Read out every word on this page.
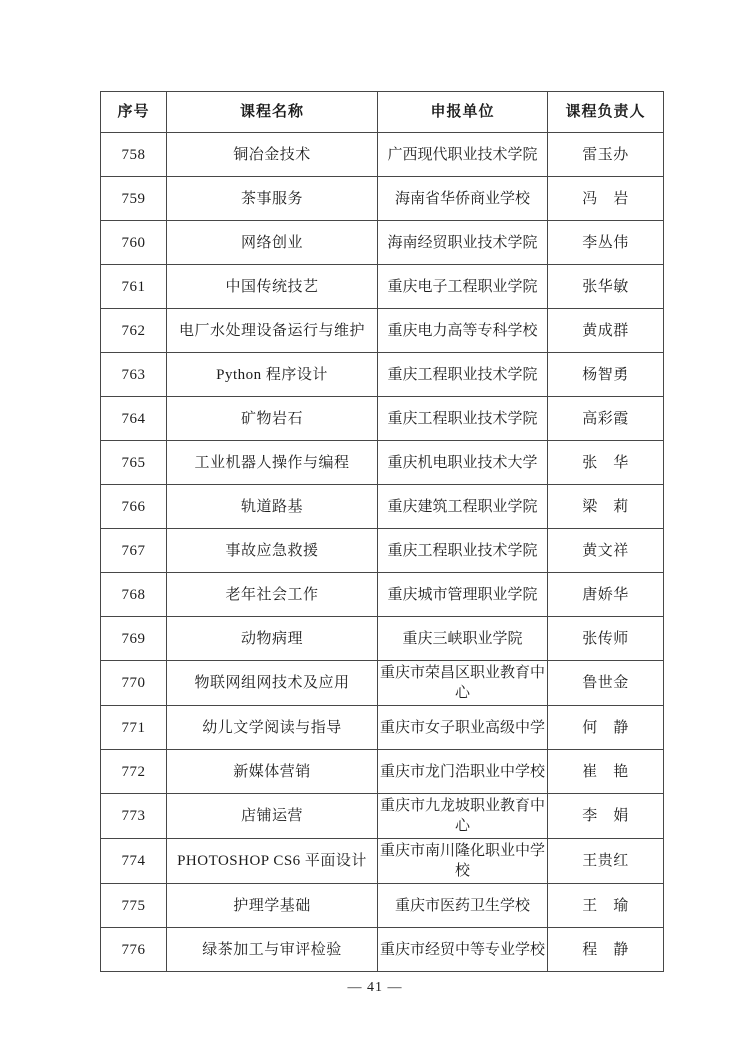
序号	课程名称	申报单位	课程负责人
758	铜冶金技术	广西现代职业技术学院	雷玉办
759	茶事服务	海南省华侨商业学校	冯　岩
760	网络创业	海南经贸职业技术学院	李丛伟
761	中国传统技艺	重庆电子工程职业学院	张华敏
762	电厂水处理设备运行与维护	重庆电力高等专科学校	黄成群
763	Python 程序设计	重庆工程职业技术学院	杨智勇
764	矿物岩石	重庆工程职业技术学院	高彩霞
765	工业机器人操作与编程	重庆机电职业技术大学	张　华
766	轨道路基	重庆建筑工程职业学院	梁　莉
767	事故应急救援	重庆工程职业技术学院	黄文祥
768	老年社会工作	重庆城市管理职业学院	唐娇华
769	动物病理	重庆三峡职业学院	张传师
770	物联网组网技术及应用	重庆市荣昌区职业教育中心	鲁世金
771	幼儿文学阅读与指导	重庆市女子职业高级中学	何　静
772	新媒体营销	重庆市龙门浩职业中学校	崔　艳
773	店铺运营	重庆市九龙坡职业教育中心	李　娟
774	PHOTOSHOP CS6 平面设计	重庆市南川隆化职业中学校	王贵红
775	护理学基础	重庆市医药卫生学校	王　瑜
776	绿茶加工与审评检验	重庆市经贸中等专业学校	程　静
— 41 —
